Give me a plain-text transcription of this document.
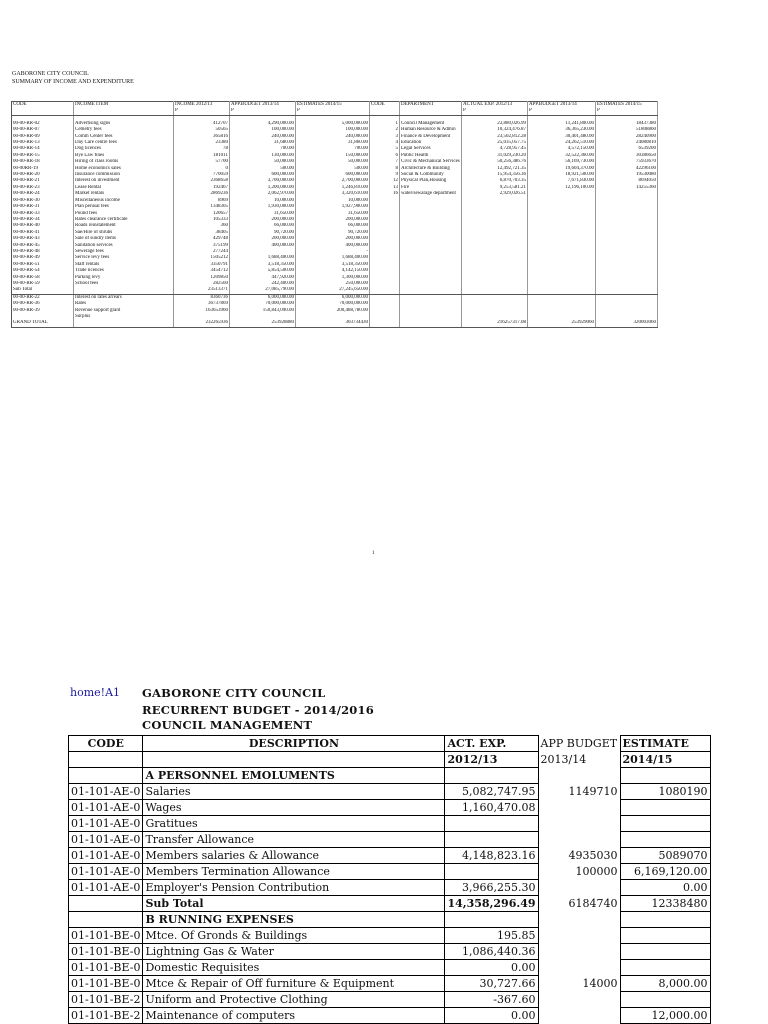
GABORONE CITY COUNCIL
SUMMARY OF INCOME AND EXPENDITURE
CODE	INCOME ITEM	INCOME 2012/13	APP.BUDGET 2013/14	ESTIMATES 2014/15	CODE	DEPARTMENT	ACTUAL EXP. 2012/13	APP.BUDGET 2013/14	ESTIMATES 2014/15
		P	P	P			P	P	P

00-00-RR-02	Advertising signs	412707	4,290,000.00	5,000,000.00	1	Council Management	23,880,026.99	11,241,800.00	18437380
00-00-RR-07	Cemetry fees	50565	100,000.00	100,000.00	2	Human Resource & Admin	10,324,476.87	36,365,230.00	51808860
00-00-RR-09	Comm Center fees	365816	240,000.00	240,000.00	3	Finance & Development	23,502,812.28	30,401,480.00	28240900
00-00-RR-13	Day Care centre fees	23380	31,680.00	31,860.00	4	Education	25,035,057.75	24,262,510.00	24080810
00-00-RR-14	Dog licences	78	700.00	700.00	5	Legal Services	4,728,957.45	4,572,150.00	6539200
00-00-RR-15	Bye Law fines	181011	130,000.00	150,000.00	6	Public Health	31,029,230.20	32,522,360.00	30386650
00-00-RR-18	Hiring of class rooms	57700	50,000.00	50,000.00	7	Civic & Mechanical Services	50,256,386.76	56,169,730.00	75933670
00-00RR-19	Home economics sales	0	500.00	500.00	8	Architecture & Building	12,492,721.35	19,604,370.00	42296100
00-00-RR-20	Insurance commission	770059	600,000.00	600,000.00	9	Social & Community	15,954,356.36	18,921,500.00	19530080
00-00-RR-21	Interest on investment	2368658	3,700,000.00	2,700,000.00	12	Physical Plan,Housing	6,870,703.35	7,671,830.00	8694050
00-00-RR-23	Lease Rental	192467	1,200,000.00	1,246,810.00	13	Fire	9,253,581.21	12,196,100.00	14255360
00-00-RR-24	Market rentals	2869236	2,062,970.00	3,320,610.00	16	water/sewarage department	2,929,026.51		
00-00-RR-30	Miscellaneous income	8969	10,000.00	10,000.00					
00-00-RR-31	Plan perusal fees	1348305	1,930,000.00	1,927,900.00					
00-00-RR-33	Pound fees	120657	31,650.00	31,650.00					
00-00-RR-34	Rates clearance certificate	105333	200,000.00	200,000.00					
00-00-RR-40	Roads reinstatement	360	66,000.00	66,000.00					
00-00-RR-41	Sae/Hire of shrubs	38405	90,720.00	90,720.00					
00-00-RR-43	Sale of sundry items	429748	200,000.00	200,000.00					
00-00-RR-45	Sanitation services	375199	400,000.00	400,000.00					
00-00-RR-48	Sewerage fees	277244		-					
00-00-RR-49	Service levy fees	1505212	1,688,400.00	1,688,400.00					
00-00-RR-51	Staff rentals	3350791	3,518,350.00	3,518,350.00					
00-00-RR-54	Trade licences	3454712	5,854,500.00	4,142,150.00					
00-00-RR-58	Parking levy	1209850	447,920.00	1,300,000.00					
00-00-RR-59	School fees	282560	242,400.00	250,000.00					
Sub Total		23513371	27,085,790.00	27,245,650.00					

00-00-RR-22	Interest on rates arrears	8360736	6,000,000.00	6,000,000.00					
00-00-RR-36	Rates	36737869	70,000,000.00	70,000,000.00					
00-00-RR-39	Revenue support grant	163653960	150,843,090.00	200,488,780.00					
	Surplus								
GRAND TOTAL		232265936	253928880	303734430			216257317.08	253929060	320003060
1
home!A1 GABORONE CITY COUNCIL
RECURRENT BUDGET - 2014/2016
COUNCIL MANAGEMENT
CODE	DESCRIPTION	ACT. EXP.	APP BUDGET	ESTIMATE
		2012/13	2013/14	2014/15
	A PERSONNEL EMOLUMENTS			
01-101-AE-0	Salaries	5,082,747.95	1149710	1080190
01-101-AE-0	Wages	1,160,470.08		
01-101-AE-0	Gratitues			
01-101-AE-0	Transfer Allowance			
01-101-AE-0	Members salaries & Allowance	4,148,823.16	4935030	5089070
01-101-AE-0	Members Termination Allowance		100000	6,169,120.00
01-101-AE-0	Employer's Pension Contribution	3,966,255.30		0.00
	Sub Total	14,358,296.49	6184740	12338480
	B RUNNING EXPENSES			
01-101-BE-0	Mtce. Of Gronds & Buildings	195.85		
01-101-BE-0	Lightning Gas & Water	1,086,440.36		
01-101-BE-0	Domestic Requisites	0.00		
01-101-BE-0	Mtce & Repair of Off furniture & Equipment	30,727.66	14000	8,000.00
01-101-BE-2	Uniform and Protective Clothing	-367.60		
01-101-BE-2	Maintenance of computers	0.00		12,000.00
